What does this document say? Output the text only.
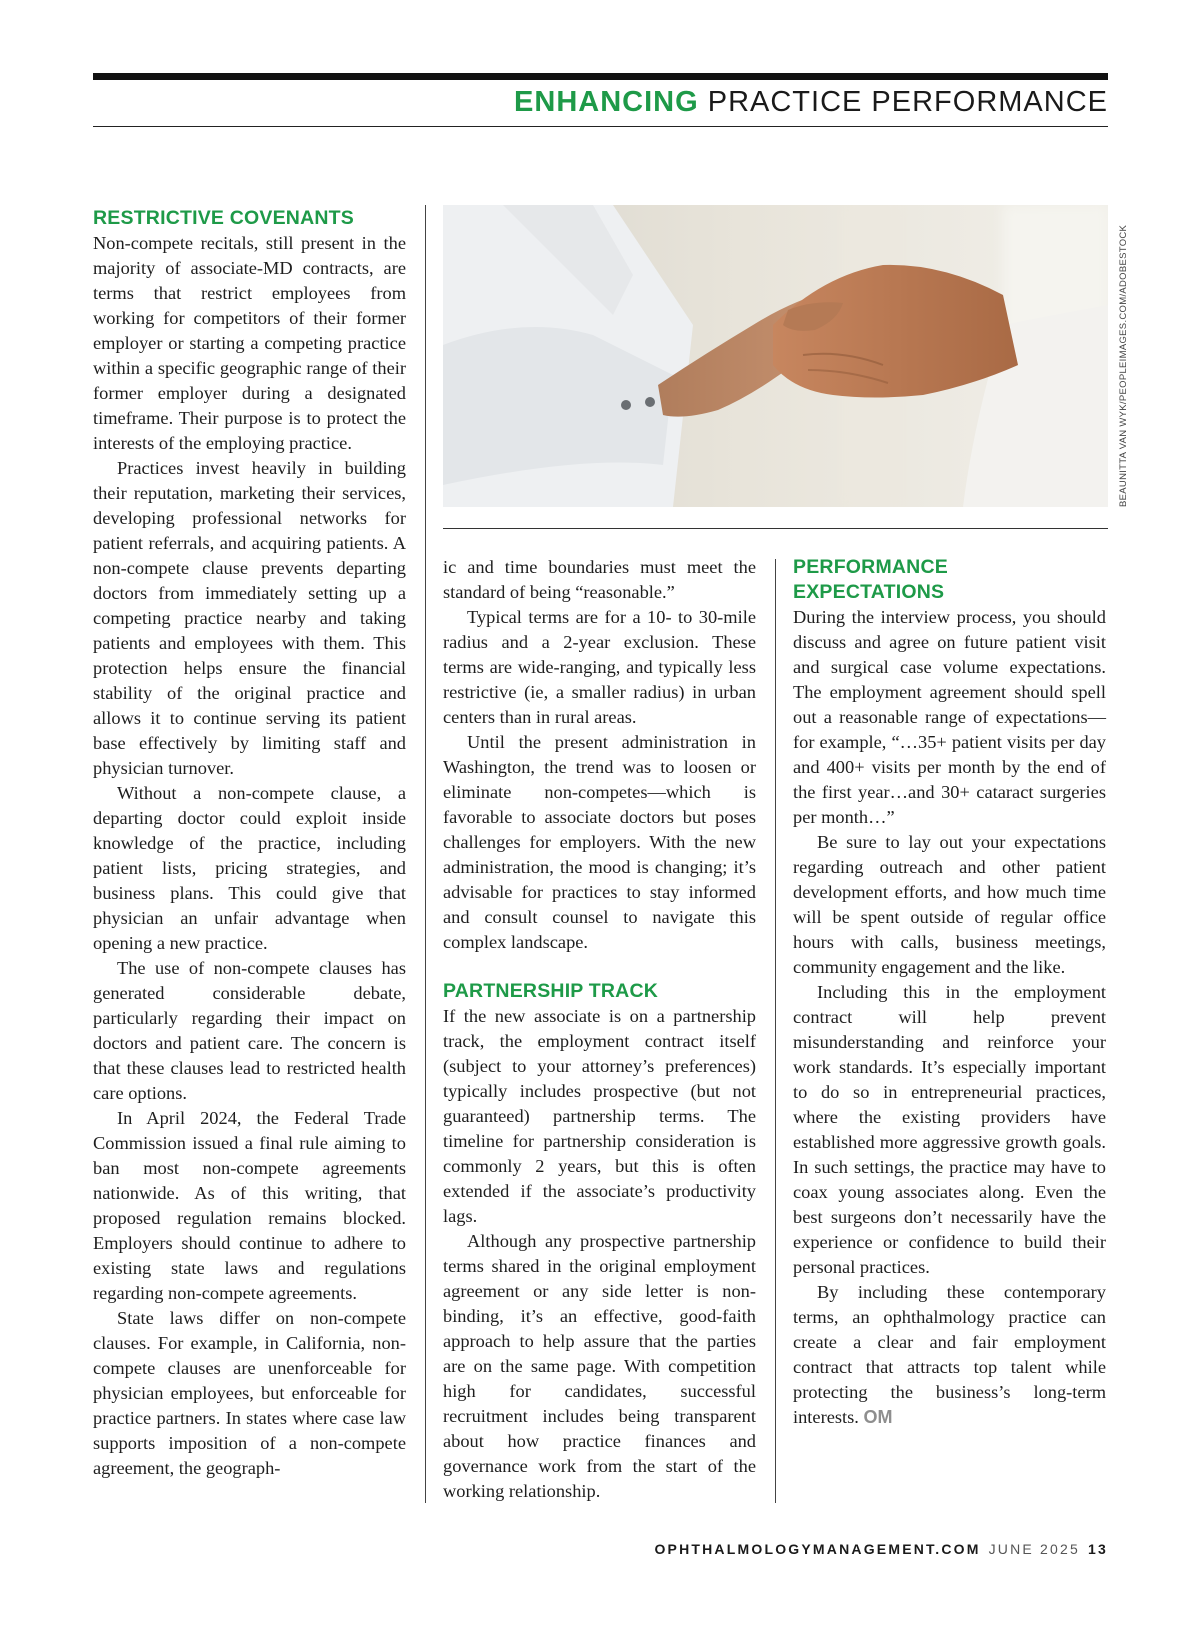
ENHANCING PRACTICE PERFORMANCE
BEAUNITTA VAN WYK/PEOPLEIMAGES.COM/ADOBESTOCK
RESTRICTIVE COVENANTS

Non-compete recitals, still present in the majority of associate-MD contracts, are terms that restrict employees from working for competitors of their former employer or starting a competing practice within a specific geographic range of their former employer during a designated timeframe. Their purpose is to protect the interests of the employing practice.

Practices invest heavily in building their reputation, marketing their services, developing professional networks for patient referrals, and acquiring patients. A non-compete clause prevents departing doctors from immediately setting up a competing practice nearby and taking patients and employees with them. This protection helps ensure the financial stability of the original practice and allows it to continue serving its patient base effectively by limiting staff and physician turnover.

Without a non-compete clause, a departing doctor could exploit inside knowledge of the practice, including patient lists, pricing strategies, and business plans. This could give that physician an unfair advantage when opening a new practice.

The use of non-compete clauses has generated considerable debate, particularly regarding their impact on doctors and patient care. The concern is that these clauses lead to restricted health care options.

In April 2024, the Federal Trade Commission issued a final rule aiming to ban most non-compete agreements nationwide. As of this writing, that proposed regulation remains blocked. Employers should continue to adhere to existing state laws and regulations regarding non-compete agreements.

State laws differ on non-compete clauses. For example, in California, non-compete clauses are unenforceable for physician employees, but enforceable for practice partners. In states where case law supports imposition of a non-compete agreement, the geograph-

ic and time boundaries must meet the standard of being “reasonable.”

Typical terms are for a 10- to 30-mile radius and a 2-year exclusion. These terms are wide-ranging, and typically less restrictive (ie, a smaller radius) in urban centers than in rural areas.

Until the present administration in Washington, the trend was to loosen or eliminate non-competes—which is favorable to associate doctors but poses challenges for employers. With the new administration, the mood is changing; it’s advisable for practices to stay informed and consult counsel to navigate this complex landscape.

PARTNERSHIP TRACK

If the new associate is on a partnership track, the employment contract itself (subject to your attorney’s preferences) typically includes prospective (but not guaranteed) partnership terms. The timeline for partnership consideration is commonly 2 years, but this is often extended if the associate’s productivity lags.

Although any prospective partnership terms shared in the original employment agreement or any side letter is non-binding, it’s an effective, good-faith approach to help assure that the parties are on the same page. With competition high for candidates, successful recruitment includes being transparent about how practice finances and governance work from the start of the working relationship.

PERFORMANCE EXPECTATIONS

During the interview process, you should discuss and agree on future patient visit and surgical case volume expectations. The employment agreement should spell out a reasonable range of expectations—for example, “…35+ patient visits per day and 400+ visits per month by the end of the first year…and 30+ cataract surgeries per month…”

Be sure to lay out your expectations regarding outreach and other patient development efforts, and how much time will be spent outside of regular office hours with calls, business meetings, community engagement and the like.

Including this in the employment contract will help prevent misunderstanding and reinforce your work standards. It’s especially important to do so in entrepreneurial practices, where the existing providers have established more aggressive growth goals. In such settings, the practice may have to coax young associates along. Even the best surgeons don’t necessarily have the experience or confidence to build their personal practices.

By including these contemporary terms, an ophthalmology practice can create a clear and fair employment contract that attracts top talent while protecting the business’s long-term interests. OM

OPHTHALMOLOGYMANAGEMENT.COM JUNE 2025 13
